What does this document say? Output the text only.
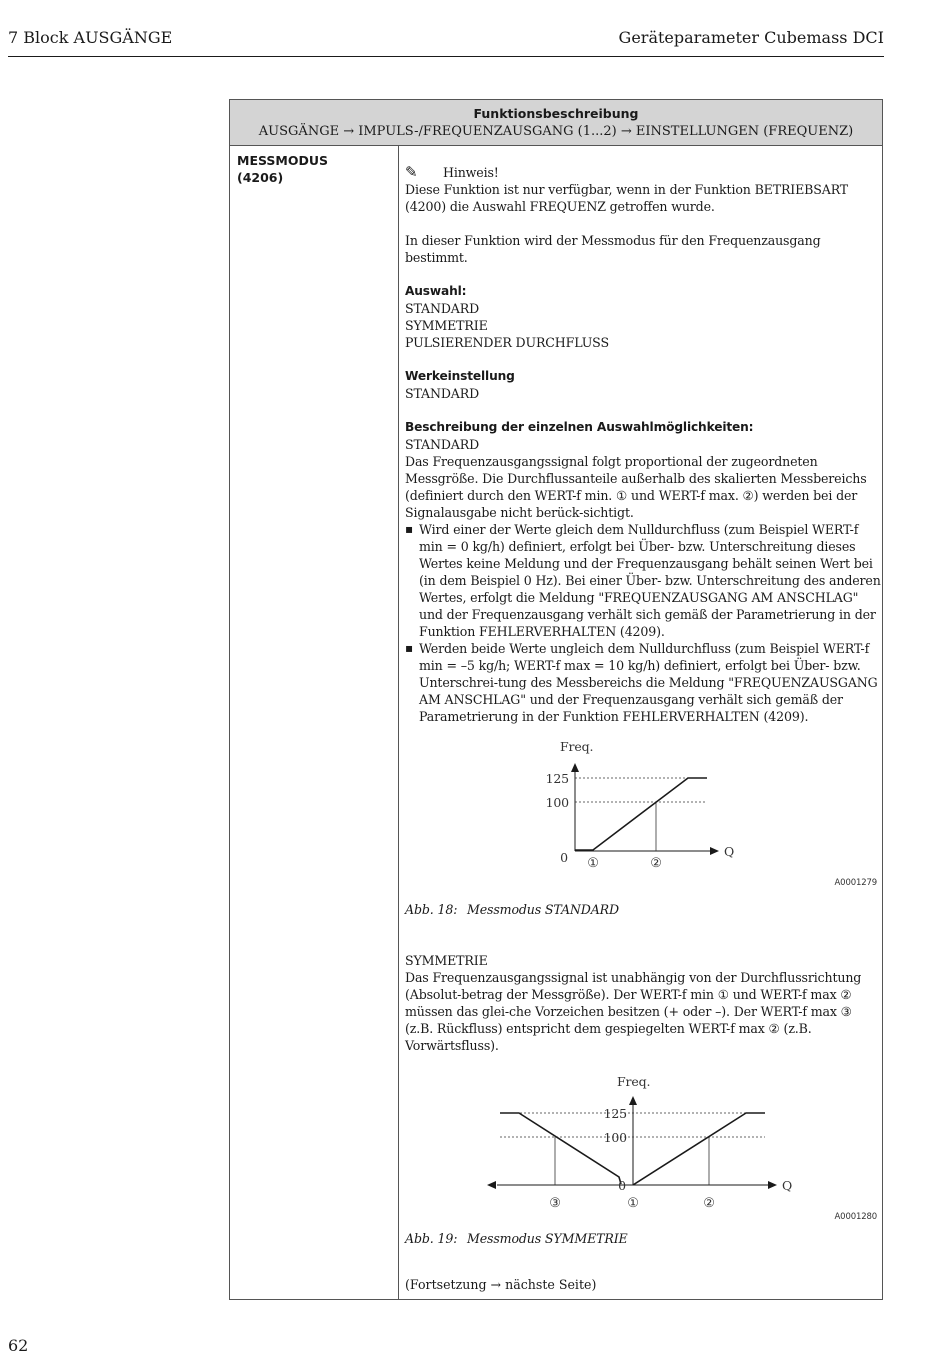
7 Block AUSGÄNGE	Geräteparameter Cubemass DCI
Funktionsbeschreibung
AUSGÄNGE → IMPULS-/FREQUENZAUSGANG (1...2) → EINSTELLUNGEN (FREQUENZ)
MESSMODUS
(4206)	✎	Hinweis!

Diese Funktion ist nur verfügbar, wenn in der Funktion BETRIEBSART (4200) die Auswahl FREQUENZ getroffen wurde.

In dieser Funktion wird der Messmodus für den Frequenzausgang bestimmt.

Auswahl:

STANDARD

SYMMETRIE

PULSIERENDER DURCHFLUSS

Werkeinstellung

STANDARD

Beschreibung der einzelnen Auswahlmöglichkeiten:

STANDARD

Das Frequenzausgangssignal folgt proportional der zugeordneten Messgröße. Die Durchflussanteile außerhalb des skalierten Messbereichs (definiert durch den WERT-f min. ① und WERT-f max. ②) werden bei der Signalausgabe nicht berück-sichtigt.

▪ Wird einer der Werte gleich dem Nulldurchfluss (zum Beispiel WERT-f min = 0 kg/h) definiert, erfolgt bei Über- bzw. Unterschreitung dieses Wertes keine Meldung und der Frequenzausgang behält seinen Wert bei (in dem Beispiel 0 Hz). Bei einer Über- bzw. Unterschreitung des anderen Wertes, erfolgt die Meldung "FREQUENZAUSGANG AM ANSCHLAG" und der Frequenzausgang verhält sich gemäß der Parametrierung in der Funktion FEHLERVERHALTEN (4209).
▪ Werden beide Werte ungleich dem Nulldurchfluss (zum Beispiel WERT-f min = –5 kg/h; WERT-f max = 10 kg/h) definiert, erfolgt bei Über- bzw. Unterschrei-tung des Messbereichs die Meldung "FREQUENZAUSGANG AM ANSCHLAG" und der Frequenzausgang verhält sich gemäß der Parametrierung in der Funktion FEHLERVERHALTEN (4209).
Freq.
Q
125
100
0 ①	②
A0001279

Abb. 18: Messmodus STANDARD

SYMMETRIE

Das Frequenzausgangssignal ist unabhängig von der Durchflussrichtung (Absolut-betrag der Messgröße). Der WERT-f min ① und WERT-f max ② müssen das glei-che Vorzeichen besitzen (+ oder –). Der WERT-f max ③ (z.B. Rückfluss) entspricht dem gespiegelten WERT-f max ② (z.B. Vorwärtsfluss).

Freq.
Q
125
100
0
③	①	②
A0001280

Abb. 19: Messmodus SYMMETRIE

(Fortsetzung → nächste Seite)
62
